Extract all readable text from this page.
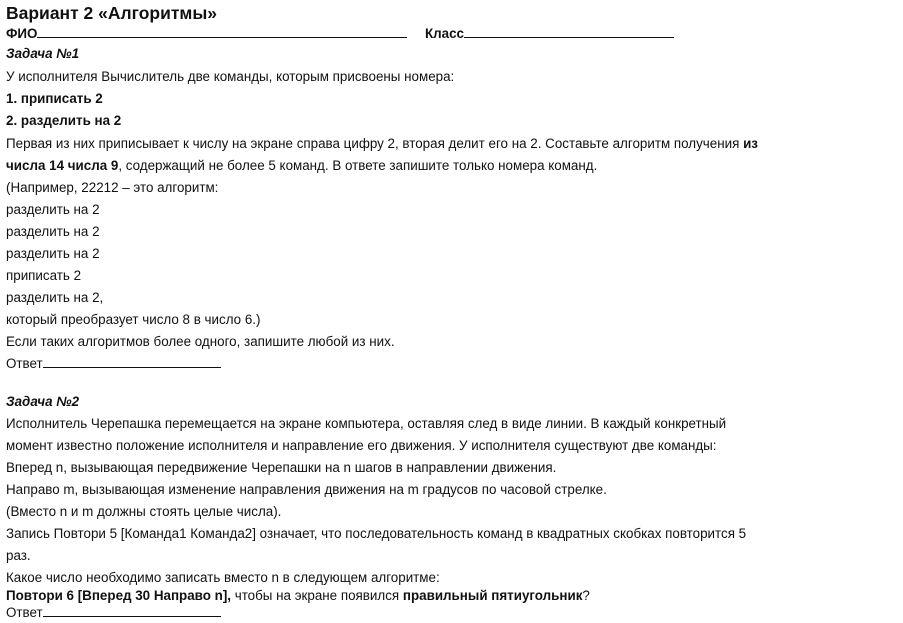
Вариант 2 «Алгоритмы»
ФИО	Класс
Задача №1
У исполнителя Вычислитель две команды, которым присвоены номера:
1. приписать 2
2. разделить на 2
Первая из них приписывает к числу на экране справа цифру 2, вторая делит его на 2. Составьте алгоритм получения из
числа 14 числа 9, содержащий не более 5 команд. В ответе запишите только номера команд.
(Например, 22212 – это алгоритм:
разделить на 2
разделить на 2
разделить на 2
приписать 2
разделить на 2,
который преобразует число 8 в число 6.)
Если таких алгоритмов более одного, запишите любой из них.
Ответ
Задача №2
Исполнитель Черепашка перемещается на экране компьютера, оставляя след в виде линии. В каждый конкретный
момент известно положение исполнителя и направление его движения. У исполнителя существуют две команды:
Вперед n, вызывающая передвижение Черепашки на n шагов в направлении движения.
Направо m, вызывающая изменение направления движения на m градусов по часовой стрелке.
(Вместо n и m должны стоять целые числа).
Запись Повтори 5 [Команда1 Команда2] означает, что последовательность команд в квадратных скобках повторится 5
раз.
Какое число необходимо записать вместо n в следующем алгоритме:
Повтори 6 [Вперед 30 Направо n], чтобы на экране появился правильный пятиугольник?
Ответ
